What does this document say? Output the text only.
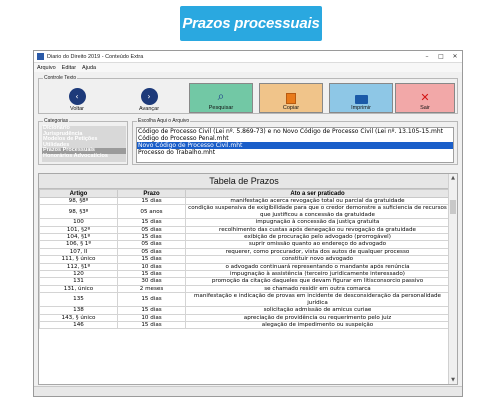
Prazos processuais
Diario do Direito 2019 - Conteúdo Extra	–	□	✕
Arquivo Editar Ajuda
Controle Texto
‹
Voltar
›
Avançar
⌕
Pesquisar	Copiar	Imprimir
✕
Sair
Categorias
Dicionário
Jurisprudência
Modelos de Petições
Utilidades
Prazos Processuais
Honorários Advocatícios
Escolha Aqui o Arquivo
Código de Processo Civil (Lei nº. 5.869-73) e no Novo Código de Processo Civil (Lei nº. 13.105-15.mht
Código do Processo Penal.mht
Novo Código de Processo Civil.mht
Processo do Trabalho.mht
Tabela de Prazos
Artigo	Prazo	Ato a ser praticado
98, §8º	15 dias	manifestação acerca revogação total ou parcial da gratuidade
98, §3º	05 anos	condição suspensiva de exigibilidade para que o credor demonstre a suficiencia de recursos que justificou a concessão da gratuidade
100	15 dias	impugnação à concessão da justiça gratuita
101, §2º	05 dias	recolhimento das custas após denegação ou revogação da gratuidade
104, §1º	15 dias	exibição de procuração pelo advogado (prorrogável)
106, § 1º	05 dias	suprir omissão quanto ao endereço do advogado
107, II	05 dias	requerer, como procurador, vista dos autos de qualquer processo
111, § único	15 dias	constituir novo advogado
112, §1º	10 dias	o advogado continuará representando o mandante após renúncia
120	15 dias	impugnação à assistência (terceiro juridicamente interessado)
131	30 dias	promoção da citação daqueles que devam figurar em litisconsorcio passivo
131, único	2 meses	se chamado residir em outra comarca
135	15 dias	manifestação e indicação de provas em incidente de desconsideração da personalidade jurídica
138	15 dias	solicitação admissão de amicus curiae
143, § único	10 dias	apreciação de providência ou requerimento pelo juiz
146	15 dias	alegação de impedimento ou suspeição
▲
▼
